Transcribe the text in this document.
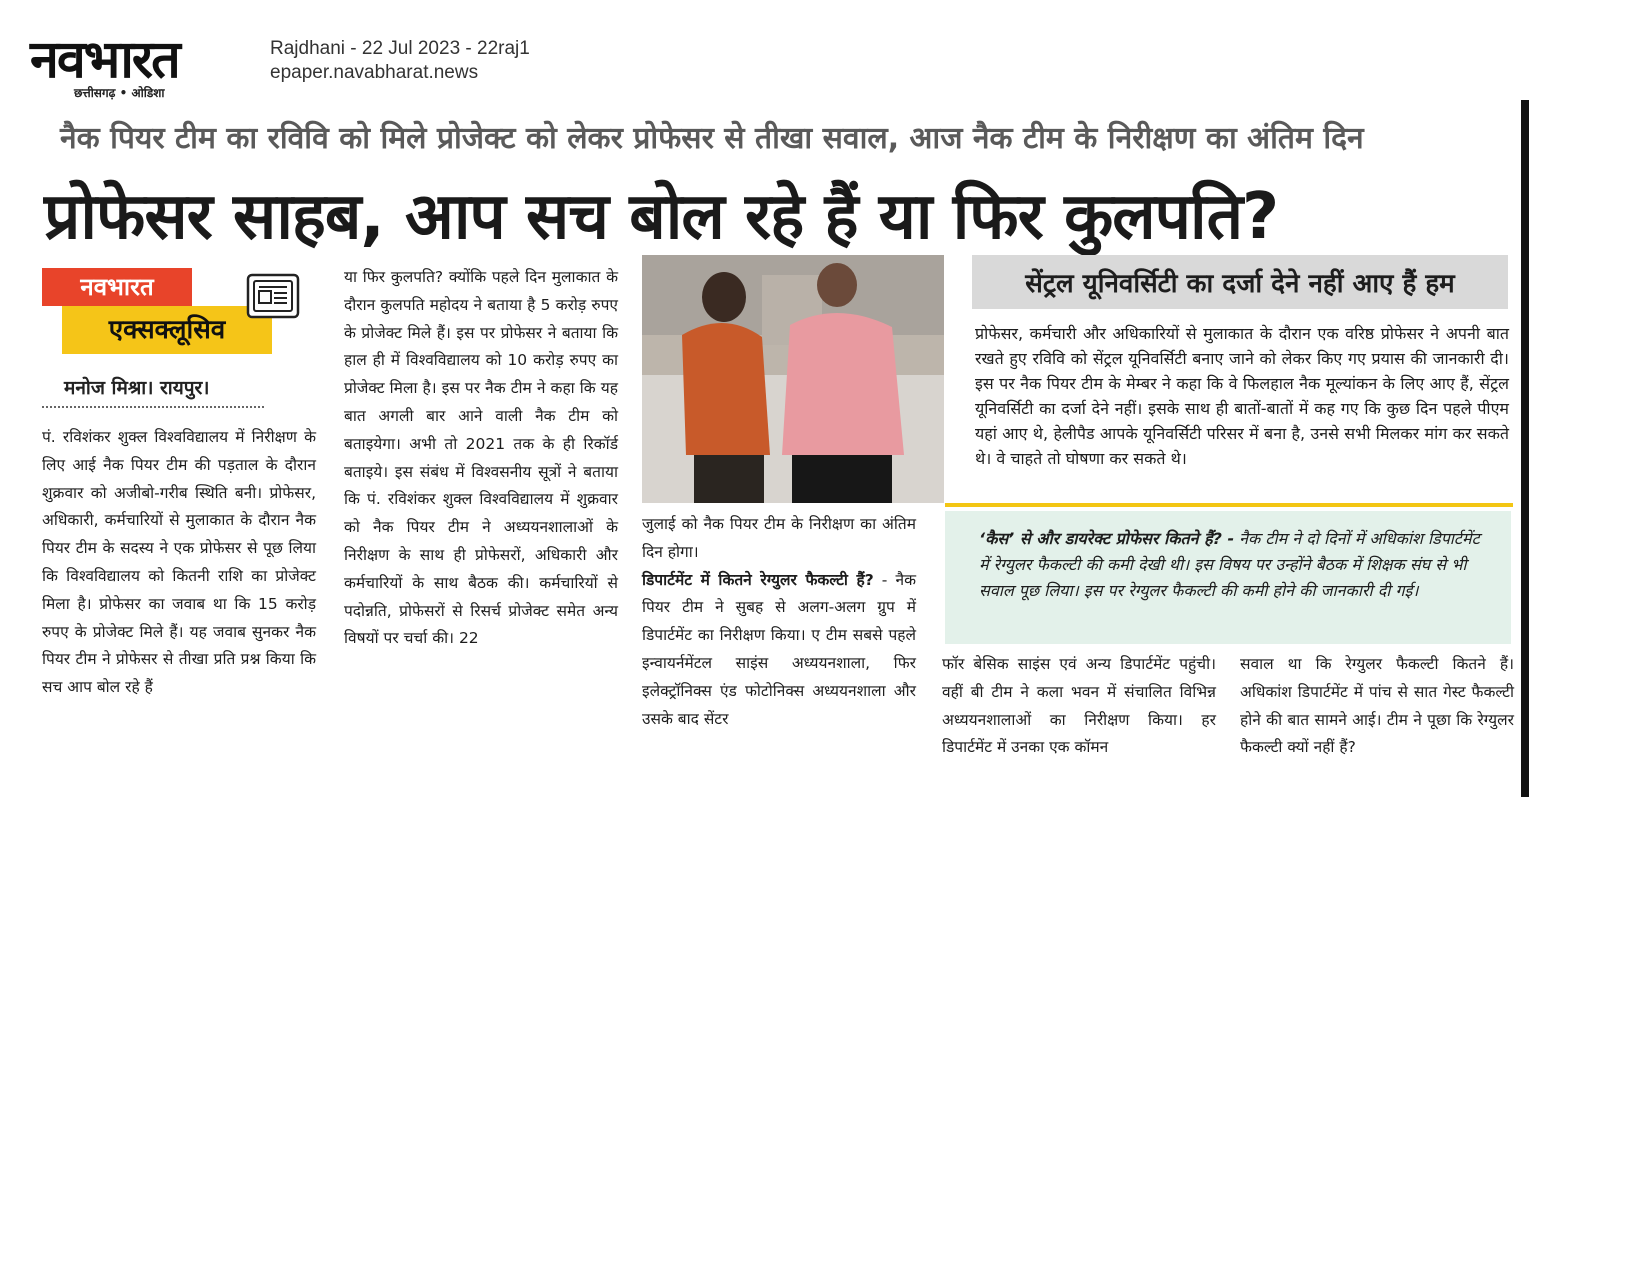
नवभारत
छत्तीसगढ़ • ओडिशा
Rajdhani - 22 Jul 2023 - 22raj1
epaper.navabharat.news
नैक पियर टीम का रविवि को मिले प्रोजेक्ट को लेकर प्रोफेसर से तीखा सवाल, आज नैक टीम के निरीक्षण का अंतिम दिन
प्रोफेसर साहब, आप सच बोल रहे हैं या फिर कुलपति?
नवभारत
एक्सक्लूसिव
मनोज मिश्रा। रायपुर।
पं. रविशंकर शुक्ल विश्वविद्यालय में निरीक्षण के लिए आई नैक पियर टीम की पड़ताल के दौरान शुक्रवार को अजीबो-गरीब स्थिति बनी। प्रोफेसर, अधिकारी, कर्मचारियों से मुलाकात के दौरान नैक पियर टीम के सदस्य ने एक प्रोफेसर से पूछ लिया कि विश्वविद्यालय को कितनी राशि का प्रोजेक्ट मिला है। प्रोफेसर का जवाब था कि 15 करोड़ रुपए के प्रोजेक्ट मिले हैं। यह जवाब सुनकर नैक पियर टीम ने प्रोफेसर से तीखा प्रति प्रश्न किया कि सच आप बोल रहे हैं
या फिर कुलपति? क्योंकि पहले दिन मुलाकात के दौरान कुलपति महोदय ने बताया है 5 करोड़ रुपए के प्रोजेक्ट मिले हैं। इस पर प्रोफेसर ने बताया कि हाल ही में विश्वविद्यालय को 10 करोड़ रुपए का प्रोजेक्ट मिला है। इस पर नैक टीम ने कहा कि यह बात अगली बार आने वाली नैक टीम को बताइयेगा। अभी तो 2021 तक के ही रिकॉर्ड बताइये। इस संबंध में विश्वसनीय सूत्रों ने बताया कि पं. रविशंकर शुक्ल विश्वविद्यालय में शुक्रवार को नैक पियर टीम ने अध्ययनशालाओं के निरीक्षण के साथ ही प्रोफेसरों, अधिकारी और कर्मचारियों के साथ बैठक की। कर्मचारियों से पदोन्नति, प्रोफेसरों से रिसर्च प्रोजेक्ट समेत अन्य विषयों पर चर्चा की। 22
जुलाई को नैक पियर टीम के निरीक्षण का अंतिम दिन होगा।
डिपार्टमेंट में कितने रेग्युलर फैकल्टी हैं? - नैक पियर टीम ने सुबह से अलग-अलग ग्रुप में डिपार्टमेंट का निरीक्षण किया। ए टीम सबसे पहले इन्वायर्नमेंटल साइंस अध्ययनशाला, फिर इलेक्ट्रॉनिक्स एंड फोटोनिक्स अध्ययनशाला और उसके बाद सेंटर
फॉर बेसिक साइंस एवं अन्य डिपार्टमेंट पहुंची। वहीं बी टीम ने कला भवन में संचालित विभिन्न अध्ययनशालाओं का निरीक्षण किया। हर डिपार्टमेंट में उनका एक कॉमन
सवाल था कि रेग्युलर फैकल्टी कितने हैं। अधिकांश डिपार्टमेंट में पांच से सात गेस्ट फैकल्टी होने की बात सामने आई। टीम ने पूछा कि रेग्युलर फैकल्टी क्यों नहीं हैं?
सेंट्रल यूनिवर्सिटी का दर्जा देने नहीं आए हैं हम
प्रोफेसर, कर्मचारी और अधिकारियों से मुलाकात के दौरान एक वरिष्ठ प्रोफेसर ने अपनी बात रखते हुए रविवि को सेंट्रल यूनिवर्सिटी बनाए जाने को लेकर किए गए प्रयास की जानकारी दी। इस पर नैक पियर टीम के मेम्बर ने कहा कि वे फिलहाल नैक मूल्यांकन के लिए आए हैं, सेंट्रल यूनिवर्सिटी का दर्जा देने नहीं। इसके साथ ही बातों-बातों में कह गए कि कुछ दिन पहले पीएम यहां आए थे, हेलीपैड आपके यूनिवर्सिटी परिसर में बना है, उनसे सभी मिलकर मांग कर सकते थे। वे चाहते तो घोषणा कर सकते थे।
‘कैस’ से और डायरेक्ट प्रोफेसर कितने हैं? - नैक टीम ने दो दिनों में अधिकांश डिपार्टमेंट में रेग्युलर फैकल्टी की कमी देखी थी। इस विषय पर उन्होंने बैठक में शिक्षक संघ से भी सवाल पूछ लिया। इस पर रेग्युलर फैकल्टी की कमी होने की जानकारी दी गई।
